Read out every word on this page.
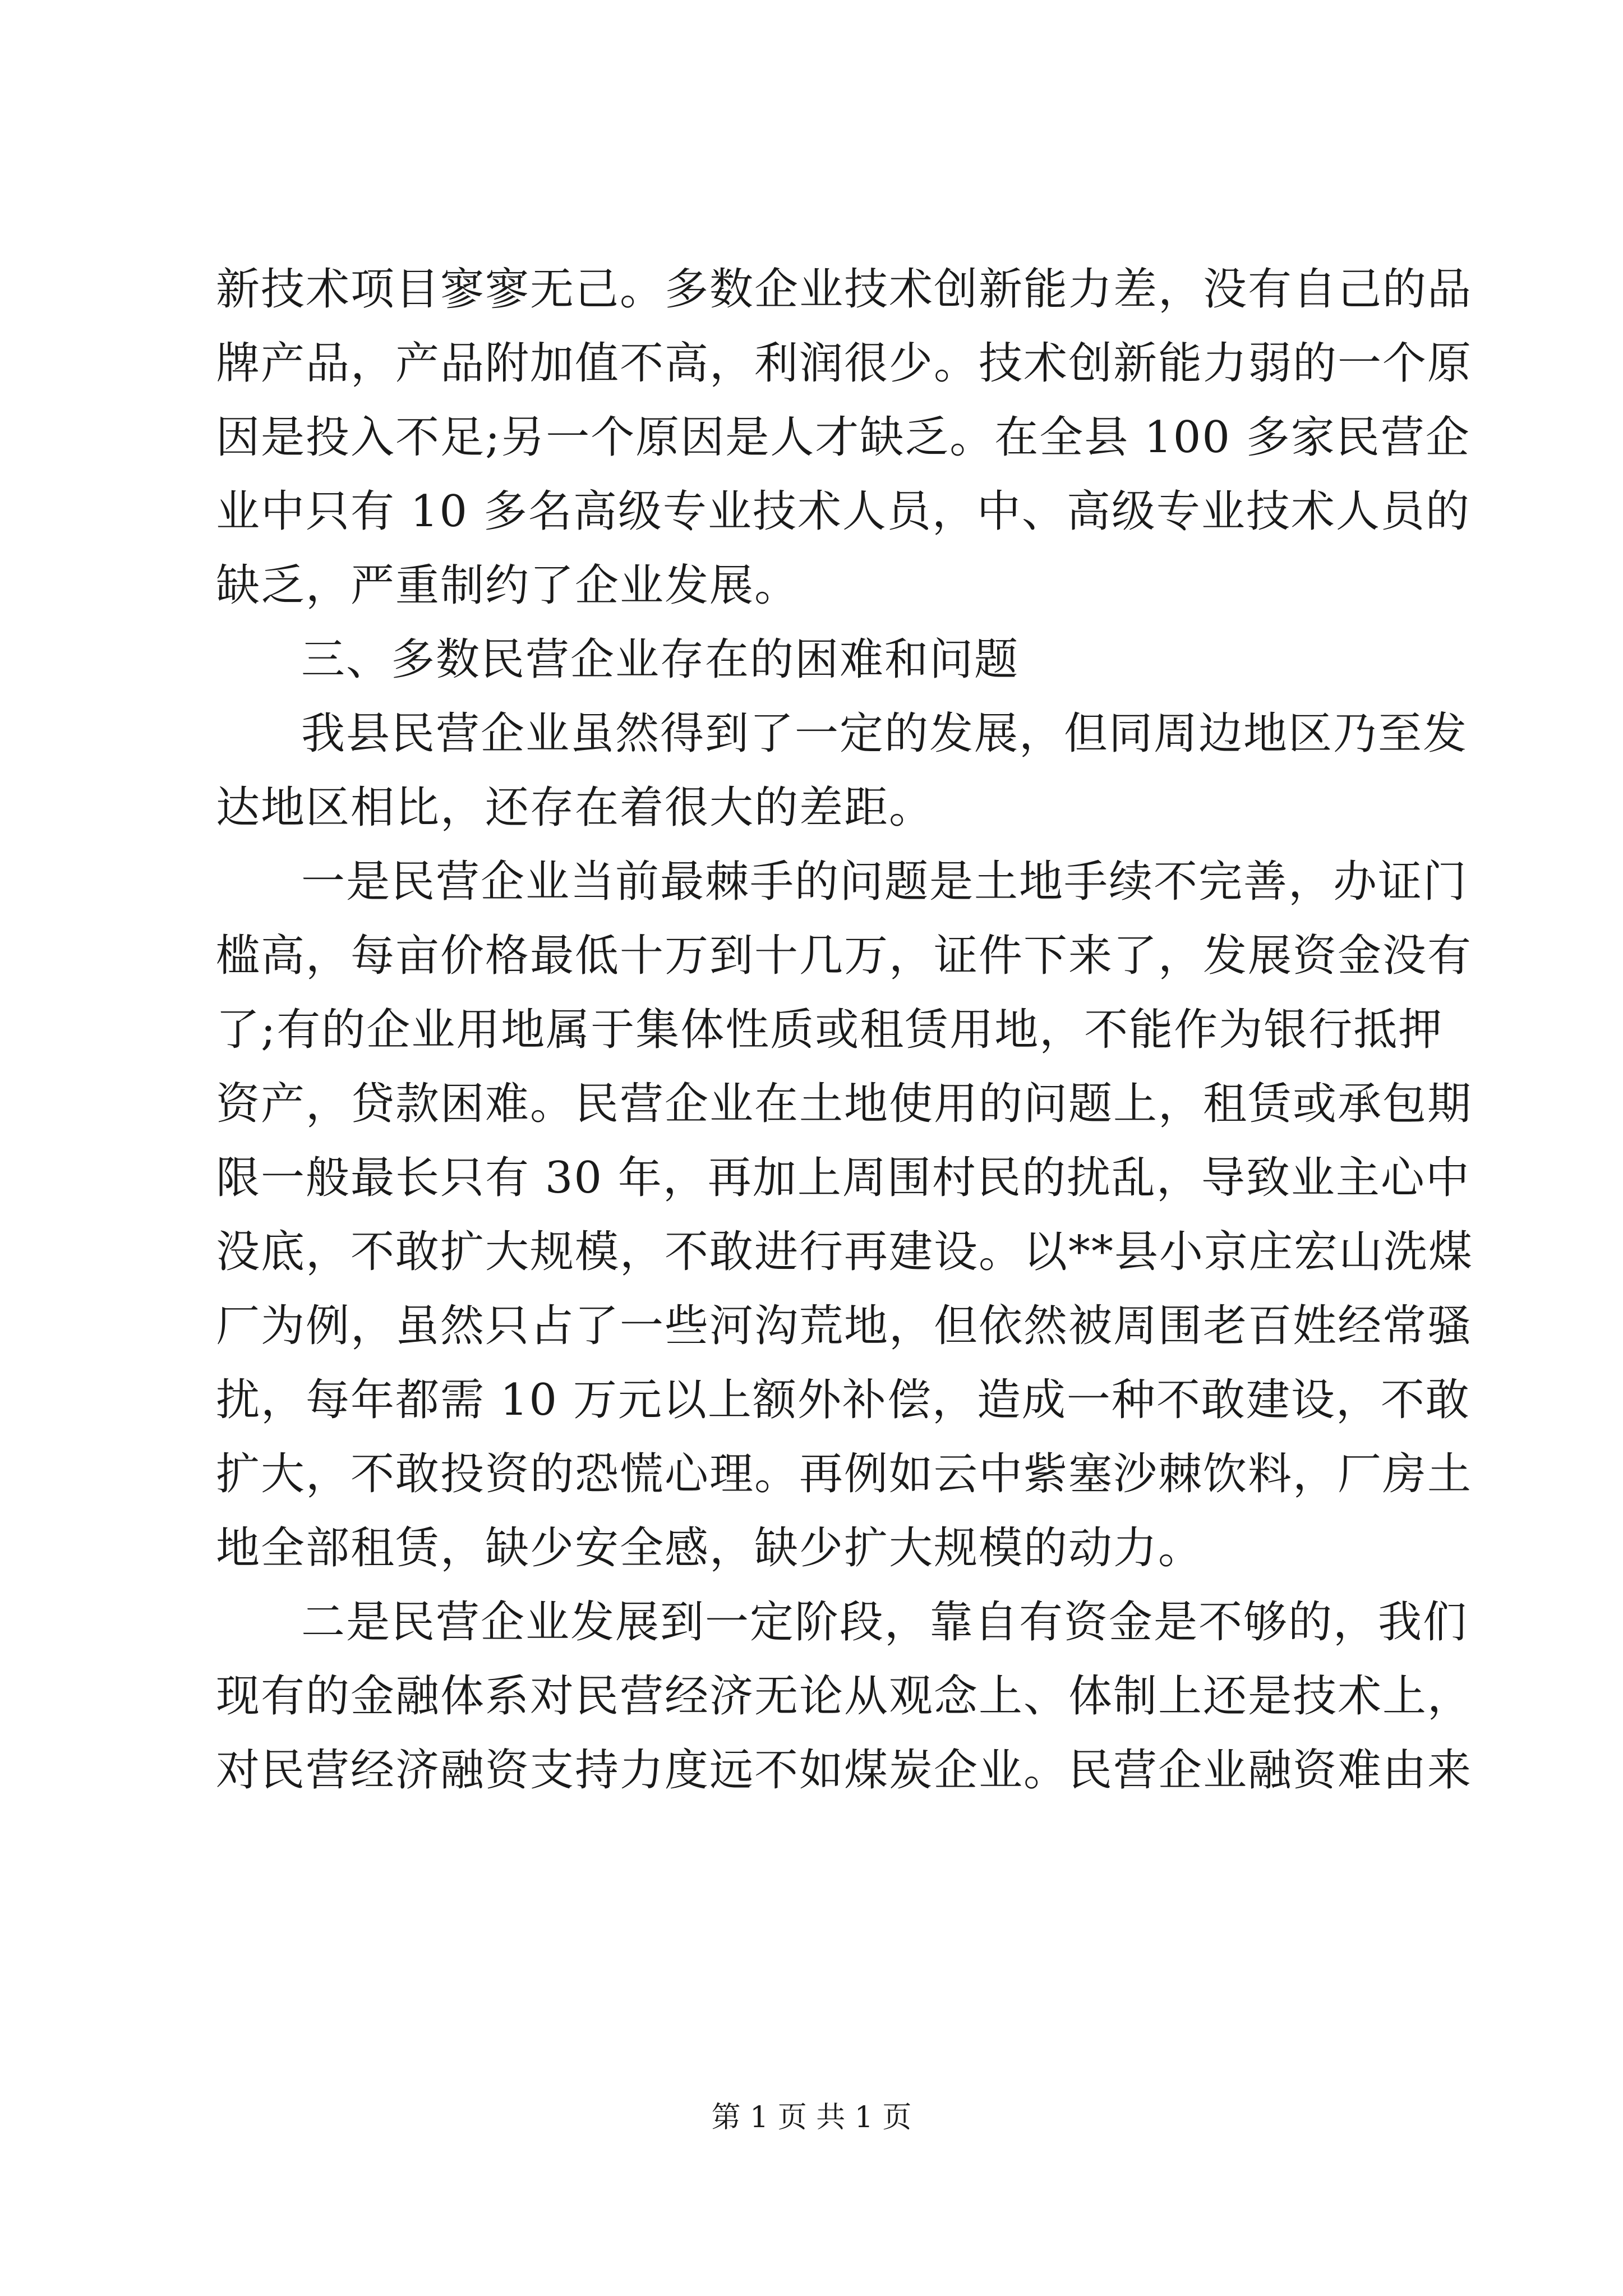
新技术项目寥寥无己。多数企业技术创新能力差，没有自己的品
牌产品，产品附加值不高，利润很少。技术创新能力弱的一个原
因是投入不足;另一个原因是人才缺乏。在全县 100 多家民营企
业中只有 10 多名高级专业技术人员，中、高级专业技术人员的
缺乏，严重制约了企业发展。
三、多数民营企业存在的困难和问题
我县民营企业虽然得到了一定的发展，但同周边地区乃至发
达地区相比，还存在着很大的差距。
一是民营企业当前最棘手的问题是土地手续不完善，办证门
槛高，每亩价格最低十万到十几万，证件下来了，发展资金没有
了;有的企业用地属于集体性质或租赁用地，不能作为银行抵押
资产，贷款困难。民营企业在土地使用的问题上，租赁或承包期
限一般最长只有 30 年，再加上周围村民的扰乱，导致业主心中
没底，不敢扩大规模，不敢进行再建设。以**县小京庄宏山洗煤
厂为例，虽然只占了一些河沟荒地，但依然被周围老百姓经常骚
扰，每年都需 10 万元以上额外补偿，造成一种不敢建设，不敢
扩大，不敢投资的恐慌心理。再例如云中紫塞沙棘饮料，厂房土
地全部租赁，缺少安全感，缺少扩大规模的动力。
二是民营企业发展到一定阶段，靠自有资金是不够的，我们
现有的金融体系对民营经济无论从观念上、体制上还是技术上，
对民营经济融资支持力度远不如煤炭企业。民营企业融资难由来
第 1 页 共 1 页
